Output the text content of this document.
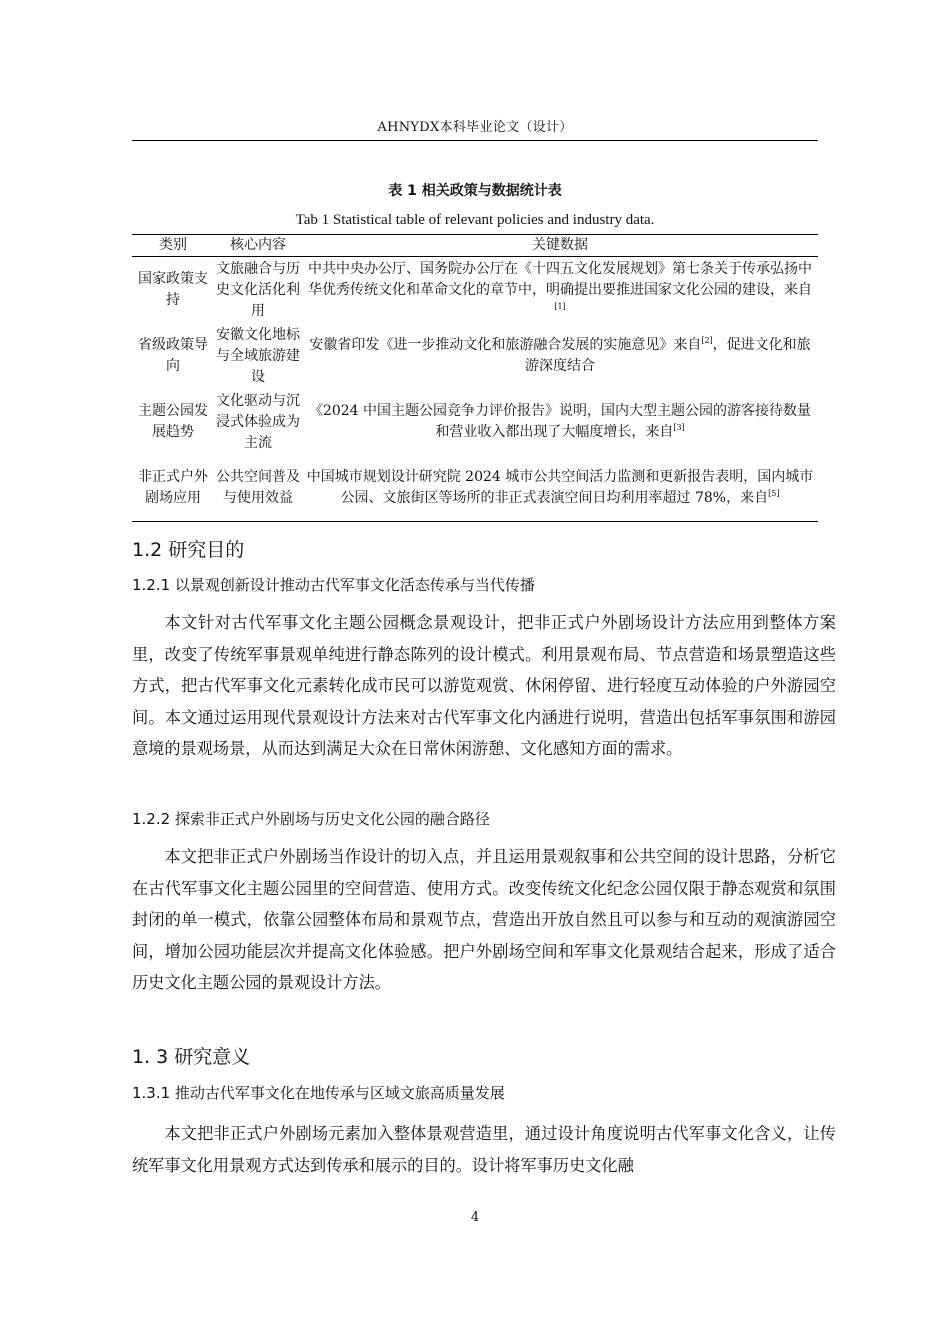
AHNYDX本科毕业论文（设计）
表 1 相关政策与数据统计表
Tab 1 Statistical table of relevant policies and industry data.
类别	核心内容	关键数据
国家政策支持	文旅融合与历史文化活化利用	中共中央办公厅、国务院办公厅在《十四五文化发展规划》第七条关于传承弘扬中华优秀传统文化和革命文化的章节中，明确提出要推进国家文化公园的建设，来自[1]
省级政策导向	安徽文化地标与全域旅游建设	安徽省印发《进一步推动文化和旅游融合发展的实施意见》来自[2]，促进文化和旅游深度结合
主题公园发展趋势	文化驱动与沉浸式体验成为主流	《2024 中国主题公园竞争力评价报告》说明，国内大型主题公园的游客接待数量和营业收入都出现了大幅度增长，来自[3]
非正式户外剧场应用	公共空间普及与使用效益	中国城市规划设计研究院 2024 城市公共空间活力监测和更新报告表明，国内城市公园、文旅街区等场所的非正式表演空间日均利用率超过 78%，来自[5]
1.2 研究目的
1.2.1 以景观创新设计推动古代军事文化活态传承与当代传播

本文针对古代军事文化主题公园概念景观设计，把非正式户外剧场设计方法应用到整体方案里，改变了传统军事景观单纯进行静态陈列的设计模式。利用景观布局、节点营造和场景塑造这些方式，把古代军事文化元素转化成市民可以游览观赏、休闲停留、进行轻度互动体验的户外游园空间。本文通过运用现代景观设计方法来对古代军事文化内涵进行说明，营造出包括军事氛围和游园意境的景观场景，从而达到满足大众在日常休闲游憩、文化感知方面的需求。

1.2.2 探索非正式户外剧场与历史文化公园的融合路径

本文把非正式户外剧场当作设计的切入点，并且运用景观叙事和公共空间的设计思路，分析它在古代军事文化主题公园里的空间营造、使用方式。改变传统文化纪念公园仅限于静态观赏和氛围封闭的单一模式，依靠公园整体布局和景观节点，营造出开放自然且可以参与和互动的观演游园空间，增加公园功能层次并提高文化体验感。把户外剧场空间和军事文化景观结合起来，形成了适合历史文化主题公园的景观设计方法。

1. 3 研究意义
1.3.1 推动古代军事文化在地传承与区域文旅高质量发展

本文把非正式户外剧场元素加入整体景观营造里，通过设计角度说明古代军事文化含义，让传统军事文化用景观方式达到传承和展示的目的。设计将军事历史文化融

4
